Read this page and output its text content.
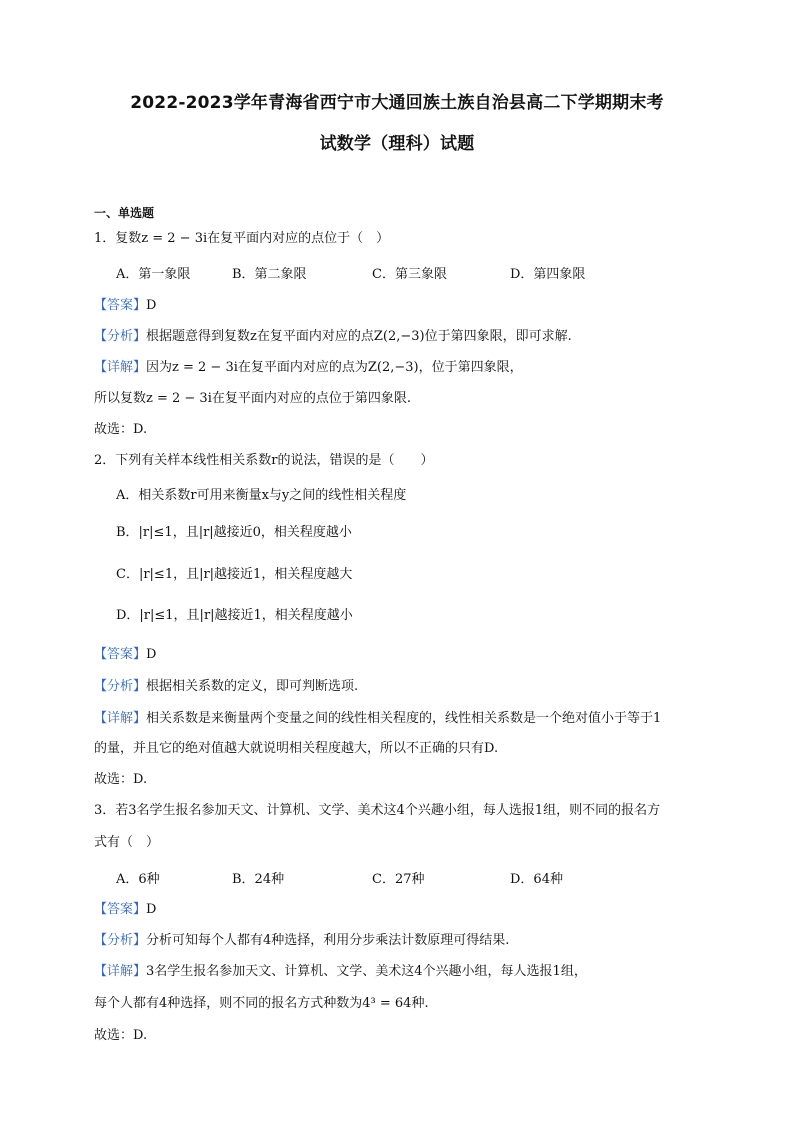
2022-2023学年青海省西宁市大通回族土族自治县高二下学期期末考
试数学（理科）试题
一、单选题
1．复数z = 2 − 3i在复平面内对应的点位于（　）
A．第一象限	B．第二象限	C．第三象限	D．第四象限
【答案】D
【分析】根据题意得到复数z在复平面内对应的点Z(2,−3)位于第四象限，即可求解.
【详解】因为z = 2 − 3i在复平面内对应的点为Z(2,−3)，位于第四象限，
所以复数z = 2 − 3i在复平面内对应的点位于第四象限.
故选：D.
2．下列有关样本线性相关系数r的说法，错误的是（　　）
A．相关系数r可用来衡量x与y之间的线性相关程度
B．|r|≤1，且|r|越接近0，相关程度越小
C．|r|≤1，且|r|越接近1，相关程度越大
D．|r|≤1，且|r|越接近1，相关程度越小
【答案】D
【分析】根据相关系数的定义，即可判断选项.
【详解】相关系数是来衡量两个变量之间的线性相关程度的，线性相关系数是一个绝对值小于等于1
的量，并且它的绝对值越大就说明相关程度越大，所以不正确的只有D.
故选：D.
3．若3名学生报名参加天文、计算机、文学、美术这4个兴趣小组，每人选报1组，则不同的报名方
式有（　）
A．6种	B．24种	C．27种	D．64种
【答案】D
【分析】分析可知每个人都有4种选择，利用分步乘法计数原理可得结果.
【详解】3名学生报名参加天文、计算机、文学、美术这4个兴趣小组，每人选报1组，
每个人都有4种选择，则不同的报名方式种数为4³ = 64种.
故选：D.
